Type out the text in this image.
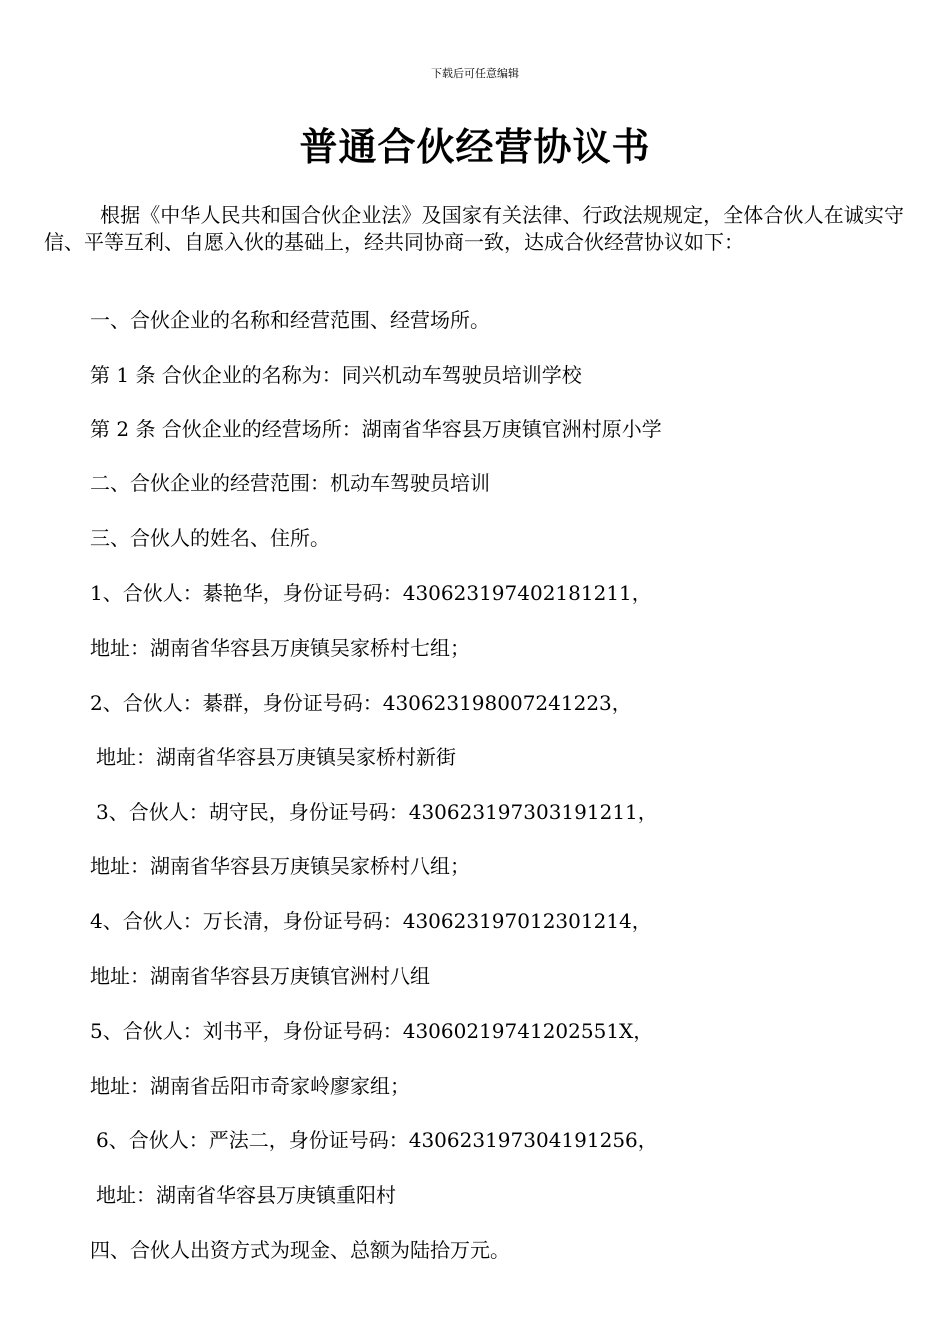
下载后可任意编辑
普通合伙经营协议书

根据《中华人民共和国合伙企业法》及国家有关法律、行政法规规定，全体合伙人在诚实守信、平等互利、自愿入伙的基础上，经共同协商一致，达成合伙经营协议如下：

一、合伙企业的名称和经营范围、经营场所。

第 1 条 合伙企业的名称为：同兴机动车驾驶员培训学校

第 2 条 合伙企业的经营场所：湖南省华容县万庚镇官洲村原小学

二、合伙企业的经营范围：机动车驾驶员培训

三、合伙人的姓名、住所。

1、合伙人：綦艳华，身份证号码：430623197402181211，

地址：湖南省华容县万庚镇吴家桥村七组；

2、合伙人：綦群，身份证号码：430623198007241223，

地址：湖南省华容县万庚镇吴家桥村新街

3、合伙人：胡守民，身份证号码：430623197303191211，

地址：湖南省华容县万庚镇吴家桥村八组；

4、合伙人：万长清，身份证号码：430623197012301214，

地址：湖南省华容县万庚镇官洲村八组

5、合伙人：刘书平，身份证号码：43060219741202551X，

地址：湖南省岳阳市奇家岭廖家组；

6、合伙人：严法二，身份证号码：430623197304191256，

地址：湖南省华容县万庚镇重阳村

四、合伙人出资方式为现金、总额为陆拾万元。
